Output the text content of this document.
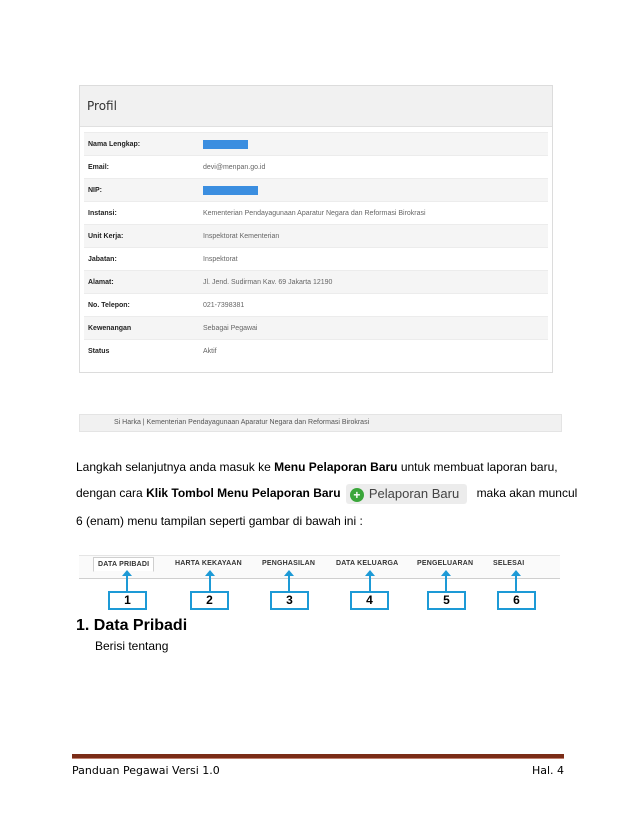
Profil
Nama Lengkap:
Email:	devi@menpan.go.id
NIP:
Instansi:	Kementerian Pendayagunaan Aparatur Negara dan Reformasi Birokrasi
Unit Kerja:	Inspektorat Kementerian
Jabatan:	Inspektorat
Alamat:	Jl. Jend. Sudirman Kav. 69 Jakarta 12190
No. Telepon:	021-7398381
Kewenangan	Sebagai Pegawai
Status	Aktif
Si Harka | Kementerian Pendayagunaan Aparatur Negara dan Reformasi Birokrasi
Langkah selanjutnya anda masuk ke Menu Pelaporan Baru untuk membuat laporan baru,
dengan cara Klik Tombol Menu Pelaporan Baru + Pelaporan Baru maka akan muncul
6 (enam) menu tampilan seperti gambar di bawah ini :
DATA PRIBADI	HARTA KEKAYAAN	PENGHASILAN	DATA KELUARGA	PENGELUARAN	SELESAI
1	2	3	4	5	6
1. Data Pribadi
Berisi tentang
Panduan Pegawai Versi 1.0	Hal. 4
